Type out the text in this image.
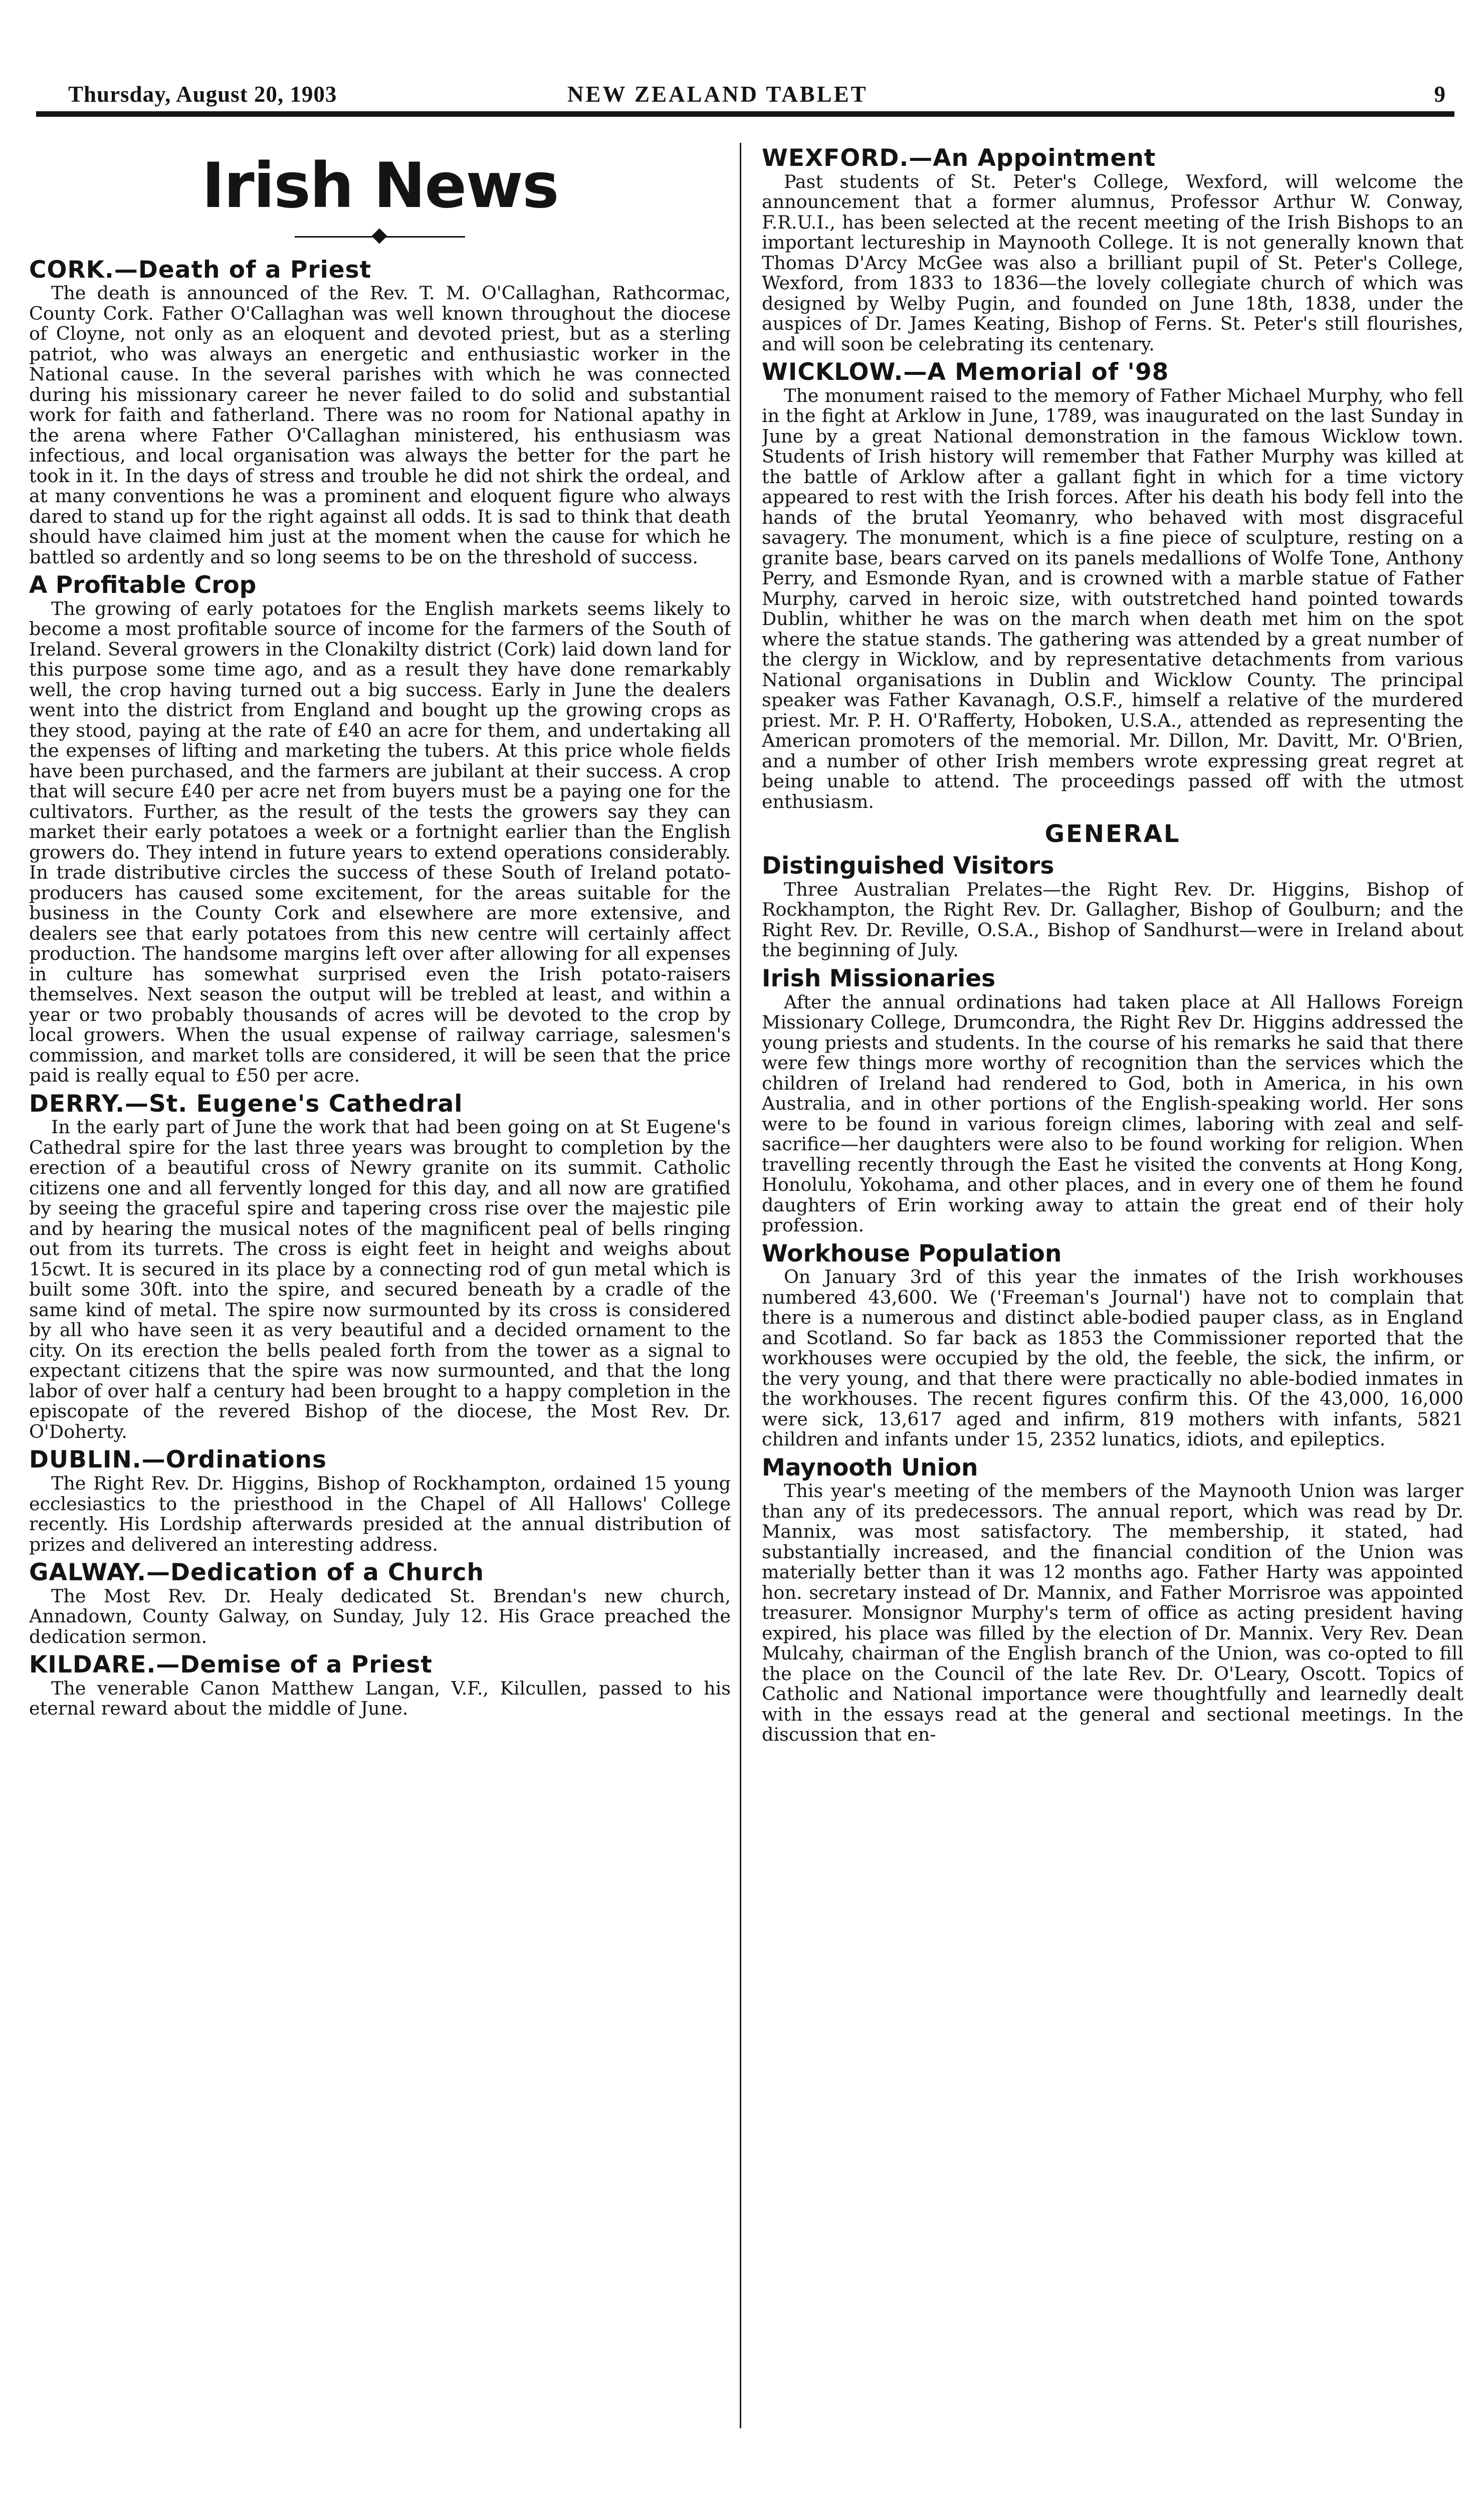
Thursday, August 20, 1903	NEW ZEALAND TABLET	9
Irish News
CORK.—Death of a Priest

The death is announced of the Rev. T. M. O'Callaghan, Rathcormac, County Cork. Father O'Callaghan was well known throughout the diocese of Cloyne, not only as an eloquent and devoted priest, but as a sterling patriot, who was always an energetic and enthusiastic worker in the National cause. In the several parishes with which he was connected during his missionary career he never failed to do solid and substantial work for faith and fatherland. There was no room for National apathy in the arena where Father O'Callaghan ministered, his enthusiasm was infectious, and local organisation was always the better for the part he took in it. In the days of stress and trouble he did not shirk the ordeal, and at many conventions he was a prominent and eloquent figure who always dared to stand up for the right against all odds. It is sad to think that death should have claimed him just at the moment when the cause for which he battled so ardently and so long seems to be on the threshold of success.

A Profitable Crop

The growing of early potatoes for the English markets seems likely to become a most profitable source of income for the farmers of the South of Ireland. Several growers in the Clonakilty district (Cork) laid down land for this purpose some time ago, and as a result they have done remarkably well, the crop having turned out a big success. Early in June the dealers went into the district from England and bought up the growing crops as they stood, paying at the rate of £40 an acre for them, and undertaking all the expenses of lifting and marketing the tubers. At this price whole fields have been purchased, and the farmers are jubilant at their success. A crop that will secure £40 per acre net from buyers must be a paying one for the cultivators. Further, as the result of the tests the growers say they can market their early potatoes a week or a fortnight earlier than the English growers do. They intend in future years to extend operations considerably. In trade distributive circles the success of these South of Ireland potato-producers has caused some excitement, for the areas suitable for the business in the County Cork and elsewhere are more extensive, and dealers see that early potatoes from this new centre will certainly affect production. The handsome margins left over after allowing for all expenses in culture has somewhat surprised even the Irish potato-raisers themselves. Next season the output will be trebled at least, and within a year or two probably thousands of acres will be devoted to the crop by local growers. When the usual expense of railway carriage, salesmen's commission, and market tolls are considered, it will be seen that the price paid is really equal to £50 per acre.

DERRY.—St. Eugene's Cathedral

In the early part of June the work that had been going on at St Eugene's Cathedral spire for the last three years was brought to completion by the erection of a beautiful cross of Newry granite on its summit. Catholic citizens one and all fervently longed for this day, and all now are gratified by seeing the graceful spire and tapering cross rise over the majestic pile and by hearing the musical notes of the magnificent peal of bells ringing out from its turrets. The cross is eight feet in height and weighs about 15cwt. It is secured in its place by a connecting rod of gun metal which is built some 30ft. into the spire, and secured beneath by a cradle of the same kind of metal. The spire now surmounted by its cross is considered by all who have seen it as very beautiful and a decided ornament to the city. On its erection the bells pealed forth from the tower as a signal to expectant citizens that the spire was now surmounted, and that the long labor of over half a century had been brought to a happy completion in the episcopate of the revered Bishop of the diocese, the Most Rev. Dr. O'Doherty.

DUBLIN.—Ordinations

The Right Rev. Dr. Higgins, Bishop of Rockhampton, ordained 15 young ecclesiastics to the priesthood in the Chapel of All Hallows' College recently. His Lordship afterwards presided at the annual distribution of prizes and delivered an interesting address.

GALWAY.—Dedication of a Church

The Most Rev. Dr. Healy dedicated St. Brendan's new church, Annadown, County Galway, on Sunday, July 12. His Grace preached the dedication sermon.

KILDARE.—Demise of a Priest

The venerable Canon Matthew Langan, V.F., Kilcullen, passed to his eternal reward about the middle of June.

WEXFORD.—An Appointment

Past students of St. Peter's College, Wexford, will welcome the announcement that a former alumnus, Professor Arthur W. Conway, F.R.U.I., has been selected at the recent meeting of the Irish Bishops to an important lectureship in Maynooth College. It is not generally known that Thomas D'Arcy McGee was also a brilliant pupil of St. Peter's College, Wexford, from 1833 to 1836—the lovely collegiate church of which was designed by Welby Pugin, and founded on June 18th, 1838, under the auspices of Dr. James Keating, Bishop of Ferns. St. Peter's still flourishes, and will soon be celebrating its centenary.

WICKLOW.—A Memorial of '98

The monument raised to the memory of Father Michael Murphy, who fell in the fight at Arklow in June, 1789, was inaugurated on the last Sunday in June by a great National demonstration in the famous Wicklow town. Students of Irish history will remember that Father Murphy was killed at the battle of Arklow after a gallant fight in which for a time victory appeared to rest with the Irish forces. After his death his body fell into the hands of the brutal Yeomanry, who behaved with most disgraceful savagery. The monument, which is a fine piece of sculpture, resting on a granite base, bears carved on its panels medallions of Wolfe Tone, Anthony Perry, and Esmonde Ryan, and is crowned with a marble statue of Father Murphy, carved in heroic size, with outstretched hand pointed towards Dublin, whither he was on the march when death met him on the spot where the statue stands. The gathering was attended by a great number of the clergy in Wicklow, and by representative detachments from various National organisations in Dublin and Wicklow County. The principal speaker was Father Kavanagh, O.S.F., himself a relative of the murdered priest. Mr. P. H. O'Rafferty, Hoboken, U.S.A., attended as representing the American promoters of the memorial. Mr. Dillon, Mr. Davitt, Mr. O'Brien, and a number of other Irish members wrote expressing great regret at being unable to attend. The proceedings passed off with the utmost enthusiasm.

GENERAL
Distinguished Visitors

Three Australian Prelates—the Right Rev. Dr. Higgins, Bishop of Rockhampton, the Right Rev. Dr. Gallagher, Bishop of Goulburn; and the Right Rev. Dr. Reville, O.S.A., Bishop of Sandhurst—were in Ireland about the beginning of July.

Irish Missionaries

After the annual ordinations had taken place at All Hallows Foreign Missionary College, Drumcondra, the Right Rev Dr. Higgins addressed the young priests and students. In the course of his remarks he said that there were few things more worthy of recognition than the services which the children of Ireland had rendered to God, both in America, in his own Australia, and in other portions of the English-speaking world. Her sons were to be found in various foreign climes, laboring with zeal and self-sacrifice—her daughters were also to be found working for religion. When travelling recently through the East he visited the convents at Hong Kong, Honolulu, Yokohama, and other places, and in every one of them he found daughters of Erin working away to attain the great end of their holy profession.

Workhouse Population

On January 3rd of this year the inmates of the Irish workhouses numbered 43,600. We ('Freeman's Journal') have not to complain that there is a numerous and distinct able-bodied pauper class, as in England and Scotland. So far back as 1853 the Commissioner reported that the workhouses were occupied by the old, the feeble, the sick, the infirm, or the very young, and that there were practically no able-bodied inmates in the workhouses. The recent figures confirm this. Of the 43,000, 16,000 were sick, 13,617 aged and infirm, 819 mothers with infants, 5821 children and infants under 15, 2352 lunatics, idiots, and epileptics.

Maynooth Union

This year's meeting of the members of the Maynooth Union was larger than any of its predecessors. The annual report, which was read by Dr. Mannix, was most satisfactory. The membership, it stated, had substantially increased, and the financial condition of the Union was materially better than it was 12 months ago. Father Harty was appointed hon. secretary instead of Dr. Mannix, and Father Morrisroe was appointed treasurer. Monsignor Murphy's term of office as acting president having expired, his place was filled by the election of Dr. Mannix. Very Rev. Dean Mulcahy, chairman of the English branch of the Union, was co-opted to fill the place on the Council of the late Rev. Dr. O'Leary, Oscott. Topics of Catholic and National importance were thoughtfully and learnedly dealt with in the essays read at the general and sectional meetings. In the discussion that en-
